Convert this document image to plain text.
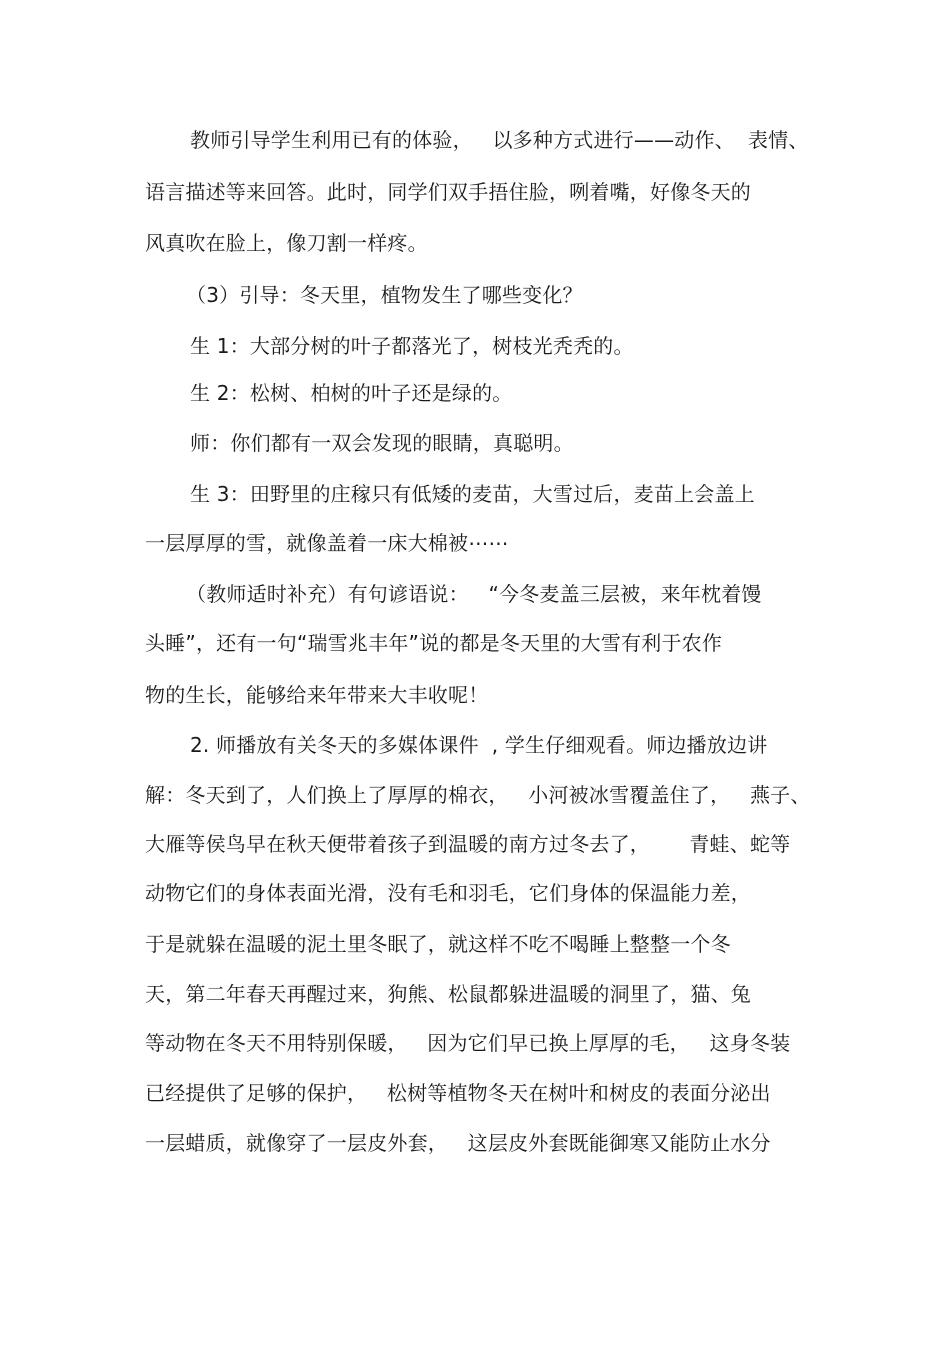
教师引导学生利用已有的体验，   以多种方式进行——动作、  表情、
语言描述等来回答。此时，同学们双手捂住脸，咧着嘴，好像冬天的
风真吹在脸上，像刀割一样疼。
（3）引导：冬天里，植物发生了哪些变化？
生 1：大部分树的叶子都落光了，树枝光秃秃的。
生 2：松树、柏树的叶子还是绿的。
师：你们都有一双会发现的眼睛，真聪明。
生 3：田野里的庄稼只有低矮的麦苗，大雪过后，麦苗上会盖上
一层厚厚的雪，就像盖着一床大棉被⋯⋯
（教师适时补充）有句谚语说：   “今冬麦盖三层被，来年枕着馒
头睡”，还有一句“瑞雪兆丰年”说的都是冬天里的大雪有利于农作
物的生长，能够给来年带来大丰收呢！
2. 师播放有关冬天的多媒体课件  , 学生仔细观看。师边播放边讲
解：冬天到了，人们换上了厚厚的棉衣，   小河被冰雪覆盖住了，   燕子、
大雁等侯鸟早在秋天便带着孩子到温暖的南方过冬去了，      青蛙、蛇等
动物它们的身体表面光滑，没有毛和羽毛，它们身体的保温能力差，
于是就躲在温暖的泥土里冬眠了，就这样不吃不喝睡上整整一个冬
天，第二年春天再醒过来，狗熊、松鼠都躲进温暖的洞里了，猫、兔
等动物在冬天不用特别保暖，   因为它们早已换上厚厚的毛，   这身冬装
已经提供了足够的保护，   松树等植物冬天在树叶和树皮的表面分泌出
一层蜡质，就像穿了一层皮外套，   这层皮外套既能御寒又能防止水分
